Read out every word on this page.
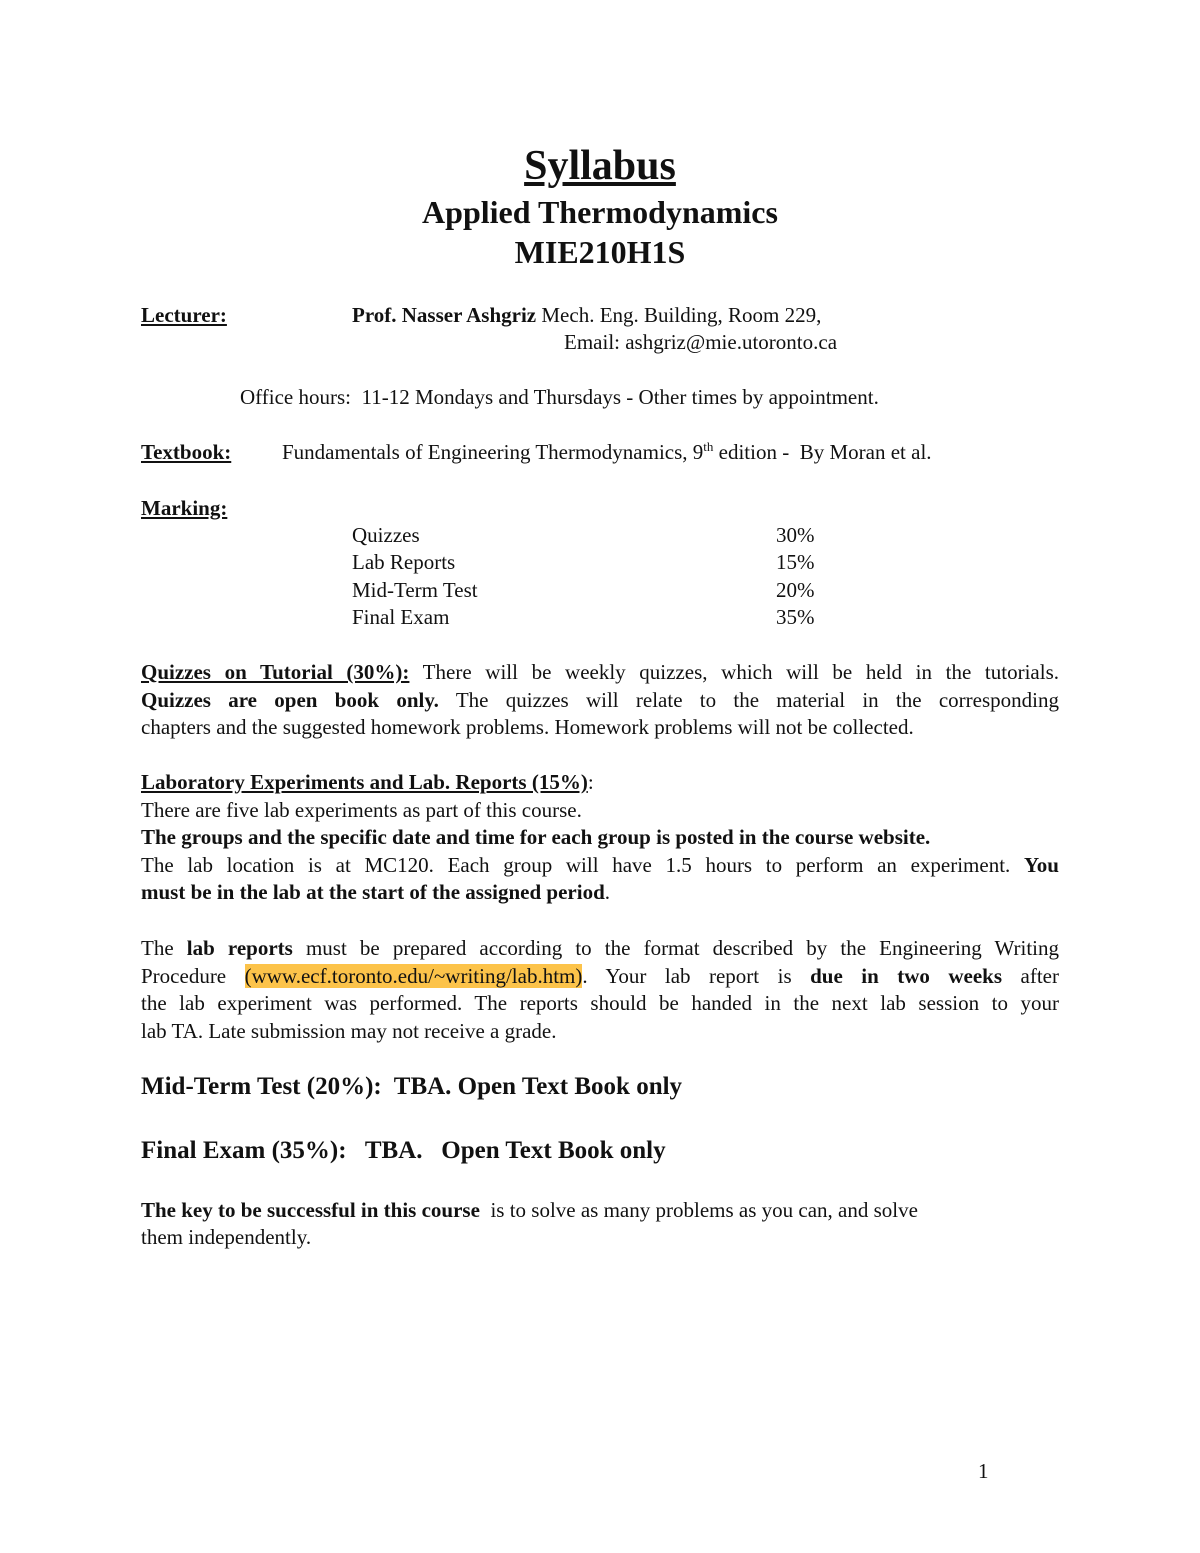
Syllabus
Applied Thermodynamics
MIE210H1S
Lecturer:	Prof. Nasser Ashgriz Mech. Eng. Building, Room 229,
Email: ashgriz@mie.utoronto.ca
Office hours:  11-12 Mondays and Thursdays - Other times by appointment.
Textbook: Fundamentals of Engineering Thermodynamics, 9th edition -  By Moran et al.
Marking:
Quizzes	30%
Lab Reports	15%
Mid-Term Test	20%
Final Exam	35%
Quizzes on Tutorial (30%): There will be weekly quizzes, which will be held in the tutorials.
Quizzes are open book only. The quizzes will relate to the material in the corresponding
chapters and the suggested homework problems. Homework problems will not be collected.
Laboratory Experiments and Lab. Reports (15%):
There are five lab experiments as part of this course.
The groups and the specific date and time for each group is posted in the course website.
The lab location is at MC120. Each group will have 1.5 hours to perform an experiment. You
must be in the lab at the start of the assigned period.
The lab reports must be prepared according to the format described by the Engineering Writing
Procedure (www.ecf.toronto.edu/~writing/lab.htm). Your lab report is due in two weeks after
the lab experiment was performed. The reports should be handed in the next lab session to your
lab TA. Late submission may not receive a grade.
Mid-Term Test (20%):  TBA. Open Text Book only
Final Exam (35%):   TBA.   Open Text Book only
The key to be successful in this course  is to solve as many problems as you can, and solve
them independently.
1
